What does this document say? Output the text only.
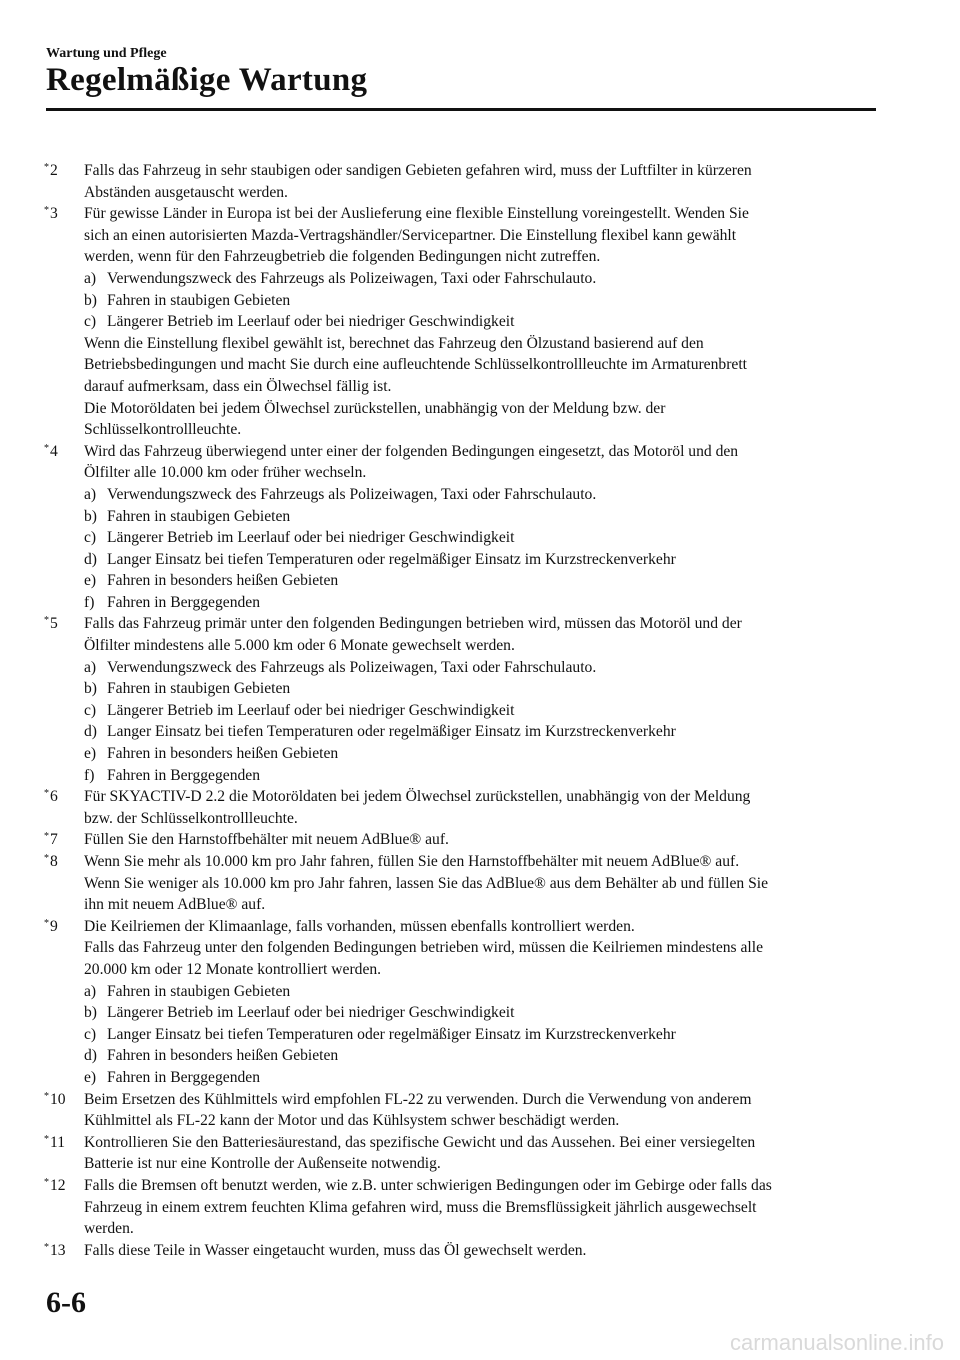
Wartung und Pflege
Regelmäßige Wartung
*2 Falls das Fahrzeug in sehr staubigen oder sandigen Gebieten gefahren wird, muss der Luftfilter in kürzeren
Abständen ausgetauscht werden.
*3 Für gewisse Länder in Europa ist bei der Auslieferung eine flexible Einstellung voreingestellt. Wenden Sie
sich an einen autorisierten Mazda-Vertragshändler/Servicepartner. Die Einstellung flexibel kann gewählt
werden, wenn für den Fahrzeugbetrieb die folgenden Bedingungen nicht zutreffen.
a) Verwendungszweck des Fahrzeugs als Polizeiwagen, Taxi oder Fahrschulauto.
b) Fahren in staubigen Gebieten
c) Längerer Betrieb im Leerlauf oder bei niedriger Geschwindigkeit
Wenn die Einstellung flexibel gewählt ist, berechnet das Fahrzeug den Ölzustand basierend auf den
Betriebsbedingungen und macht Sie durch eine aufleuchtende Schlüsselkontrollleuchte im Armaturenbrett
darauf aufmerksam, dass ein Ölwechsel fällig ist.
Die Motoröldaten bei jedem Ölwechsel zurückstellen, unabhängig von der Meldung bzw. der
Schlüsselkontrollleuchte.
*4 Wird das Fahrzeug überwiegend unter einer der folgenden Bedingungen eingesetzt, das Motoröl und den
Ölfilter alle 10.000 km oder früher wechseln.
a) Verwendungszweck des Fahrzeugs als Polizeiwagen, Taxi oder Fahrschulauto.
b) Fahren in staubigen Gebieten
c) Längerer Betrieb im Leerlauf oder bei niedriger Geschwindigkeit
d) Langer Einsatz bei tiefen Temperaturen oder regelmäßiger Einsatz im Kurzstreckenverkehr
e) Fahren in besonders heißen Gebieten
f) Fahren in Berggegenden
*5 Falls das Fahrzeug primär unter den folgenden Bedingungen betrieben wird, müssen das Motoröl und der
Ölfilter mindestens alle 5.000 km oder 6 Monate gewechselt werden.
a) Verwendungszweck des Fahrzeugs als Polizeiwagen, Taxi oder Fahrschulauto.
b) Fahren in staubigen Gebieten
c) Längerer Betrieb im Leerlauf oder bei niedriger Geschwindigkeit
d) Langer Einsatz bei tiefen Temperaturen oder regelmäßiger Einsatz im Kurzstreckenverkehr
e) Fahren in besonders heißen Gebieten
f) Fahren in Berggegenden
*6 Für SKYACTIV-D 2.2 die Motoröldaten bei jedem Ölwechsel zurückstellen, unabhängig von der Meldung
bzw. der Schlüsselkontrollleuchte.
*7 Füllen Sie den Harnstoffbehälter mit neuem AdBlue® auf.
*8 Wenn Sie mehr als 10.000 km pro Jahr fahren, füllen Sie den Harnstoffbehälter mit neuem AdBlue® auf.
Wenn Sie weniger als 10.000 km pro Jahr fahren, lassen Sie das AdBlue® aus dem Behälter ab und füllen Sie
ihn mit neuem AdBlue® auf.
*9 Die Keilriemen der Klimaanlage, falls vorhanden, müssen ebenfalls kontrolliert werden.
Falls das Fahrzeug unter den folgenden Bedingungen betrieben wird, müssen die Keilriemen mindestens alle
20.000 km oder 12 Monate kontrolliert werden.
a) Fahren in staubigen Gebieten
b) Längerer Betrieb im Leerlauf oder bei niedriger Geschwindigkeit
c) Langer Einsatz bei tiefen Temperaturen oder regelmäßiger Einsatz im Kurzstreckenverkehr
d) Fahren in besonders heißen Gebieten
e) Fahren in Berggegenden
*10 Beim Ersetzen des Kühlmittels wird empfohlen FL-22 zu verwenden. Durch die Verwendung von anderem
Kühlmittel als FL-22 kann der Motor und das Kühlsystem schwer beschädigt werden.
*11 Kontrollieren Sie den Batteriesäurestand, das spezifische Gewicht und das Aussehen. Bei einer versiegelten
Batterie ist nur eine Kontrolle der Außenseite notwendig.
*12 Falls die Bremsen oft benutzt werden, wie z.B. unter schwierigen Bedingungen oder im Gebirge oder falls das
Fahrzeug in einem extrem feuchten Klima gefahren wird, muss die Bremsflüssigkeit jährlich ausgewechselt
werden.
*13 Falls diese Teile in Wasser eingetaucht wurden, muss das Öl gewechselt werden.
6-6
carmanualsonline.info
